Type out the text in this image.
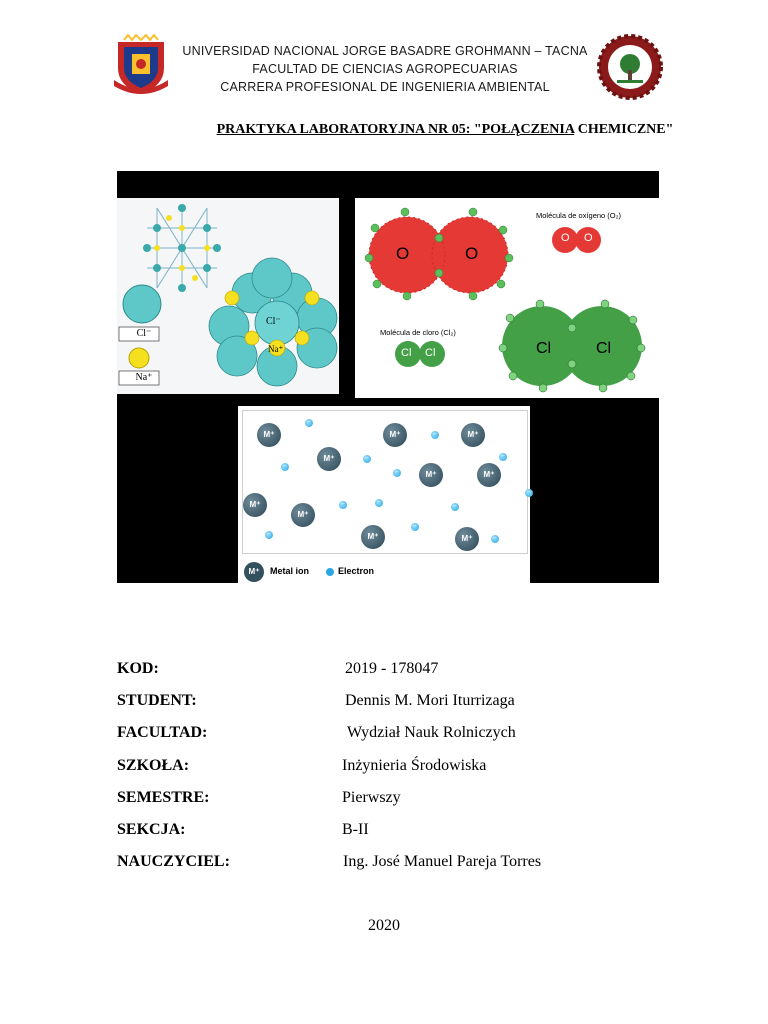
UNIVERSIDAD NACIONAL JORGE BASADRE GROHMANN – TACNA
FACULTAD DE CIENCIAS AGROPECUARIAS
CARRERA PROFESIONAL DE INGENIERIA AMBIENTAL
PRAKTYKA LABORATORYJNA NR 05: "POŁĄCZENIA CHEMICZNE"
Cl⁻
Na⁺
Cl⁻
Na⁺
O	O
O O
Molécula de oxígeno (O₂)
Molécula de cloro (Cl₂)
Cl Cl	Cl	Cl
M⁺	M⁺	M⁺
M⁺
M⁺	M⁺
M⁺
M⁺
M⁺	M⁺
−
−
−
−
−
−
−
−	−
−
−
−	−
M⁺	Metal ion	Electron
KOD:	2019 - 178047
STUDENT:	Dennis M. Mori Iturrizaga
FACULTAD:	Wydział Nauk Rolniczych
SZKOŁA:	Inżynieria Środowiska
SEMESTRE:	Pierwszy
SEKCJA:	B-II
NAUCZYCIEL:	Ing. José Manuel Pareja Torres
2020
